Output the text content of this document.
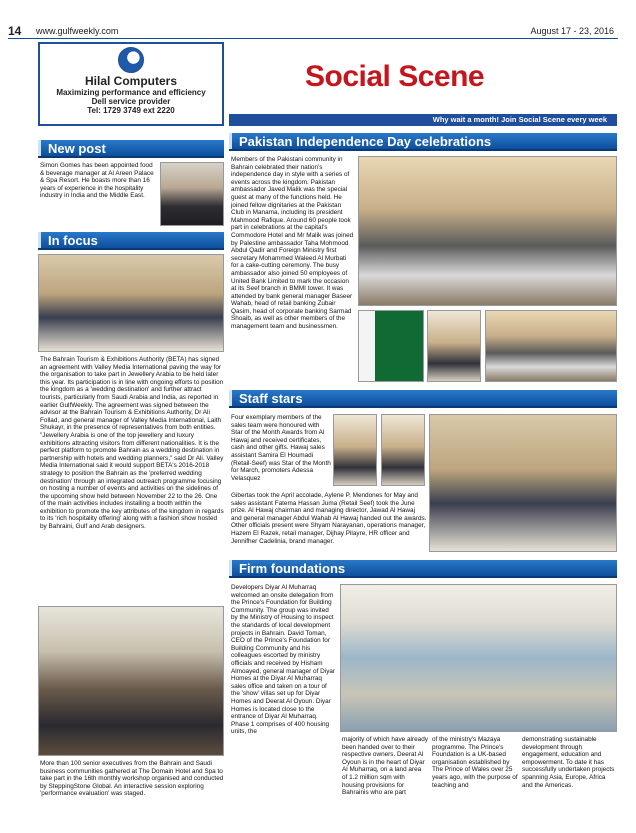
14 www.gulfweekly.com	August 17 - 23, 2016
Hilal Computers
Maximizing performance and efficiency
Dell service provider
Tel: 1729 3749 ext 2220
Social Scene
Why wait a month! Join Social Scene every week
New post
Simon Gomes has been appointed food & beverage manager at Al Areen Palace & Spa Resort. He boasts more than 16 years of experience in the hospitality industry in India and the Middle East.
In focus
The Bahrain Tourism & Exhibitions Authority (BETA) has signed an agreement with Valley Media International paving the way for the organisation to take part in Jewellery Arabia to be held later this year. Its participation is in line with ongoing efforts to position the kingdom as a 'wedding destination' and further attract tourists, particularly from Saudi Arabia and India, as reported in earlier GulfWeekly. The agreement was signed between the advisor at the Bahrain Tourism & Exhibitions Authority, Dr Ali Follad, and general manager of Valley Media International, Laith Shukayr, in the presence of representatives from both entities. "Jewellery Arabia is one of the top jewellery and luxury exhibitions attracting visitors from different nationalities. It is the perfect platform to promote Bahrain as a wedding destination in partnership with hotels and wedding planners," said Dr Ali. Valley Media International said it would support BETA's 2016-2018 strategy to position the Bahrain as the 'preferred wedding destination' through an integrated outreach programme focusing on hosting a number of events and activities on the sidelines of the upcoming show held between November 22 to the 26. One of the main activities includes installing a booth within the exhibition to promote the key attributes of the kingdom in regards to its 'rich hospitality offering' along with a fashion show hosted by Bahraini, Gulf and Arab designers.
More than 100 senior executives from the Bahrain and Saudi business communities gathered at The Domain Hotel and Spa to take part in the 16th monthly workshop organised and conducted by SteppingStone Global. An interactive session exploring 'performance evaluation' was staged.
Pakistan Independence Day celebrations
Members of the Pakistani community in Bahrain celebrated their nation's independence day in style with a series of events across the kingdom. Pakistan ambassador Javed Malik was the special guest at many of the functions held. He joined fellow dignitaries at the Pakistan Club in Manama, including its president Mahmood Rafique. Around 60 people took part in celebrations at the capital's Commodore Hotel and Mr Malik was joined by Palestine ambassador Taha Mohmood Abdul Qadir and Foreign Ministry first secretary Mohammed Waleed Al Murbati for a cake-cutting ceremony. The busy ambassador also joined 50 employees of United Bank Limited to mark the occasion at its Seef branch in BMMI tower. It was attended by bank general manager Baseer Wahab, head of retail banking Zubair Qasim, head of corporate banking Sarmad Shoaib, as well as other members of the management team and businessmen.
Staff stars
Four exemplary members of the sales team were honoured with Star of the Month Awards from Al Hawaj and received certificates, cash and other gifts. Hawaj sales assistant Samira El Houmadi (Retail-Seef) was Star of the Month for March, promoters Adessa Velasquez
Gibertas took the April accolade, Aylene P. Mendones for May and sales assistant Fatema Hassan Juma (Retail Seef) took the June prize. Al Hawaj chairman and managing director, Jawad Al Hawaj and general manager Abdul Wahab Al Hawaj handed out the awards. Other officials present were Shyam Narayanan, operations manager, Hazem El Razek, retail manager, Dijhay Pilayre, HR officer and Jennifher Cadelinia, brand manager.
Firm foundations
Developers Diyar Al Muharraq welcomed an onsite delegation from the Prince's Foundation for Building Community. The group was invited by the Ministry of Housing to inspect the standards of local development projects in Bahrain. David Toman, CEO of the Prince's Foundation for Building Community and his colleagues escorted by ministry officials and received by Hisham Almoayed, general manager of Diyar Homes at the Diyar Al Muharraq sales office and taken on a tour of the 'show' villas set up for Diyar Homes and Deerat Al Oyoun. Diyar Homes is located close to the entrance of Diyar Al Muharraq. Phase 1 comprises of 400 housing units, the
majority of which have already been handed over to their respective owners. Deerat Al Oyoun is in the heart of Diyar Al Muharraq, on a land area of 1.2 million sqm with housing provisions for Bahrainis who are part
of the ministry's Mazaya programme. The Prince's Foundation is a UK-based organisation established by The Prince of Wales over 25 years ago, with the purpose of teaching and
demonstrating sustainable development through engagement, education and empowerment. To date it has successfully undertaken projects spanning Asia, Europe, Africa and the Americas.
